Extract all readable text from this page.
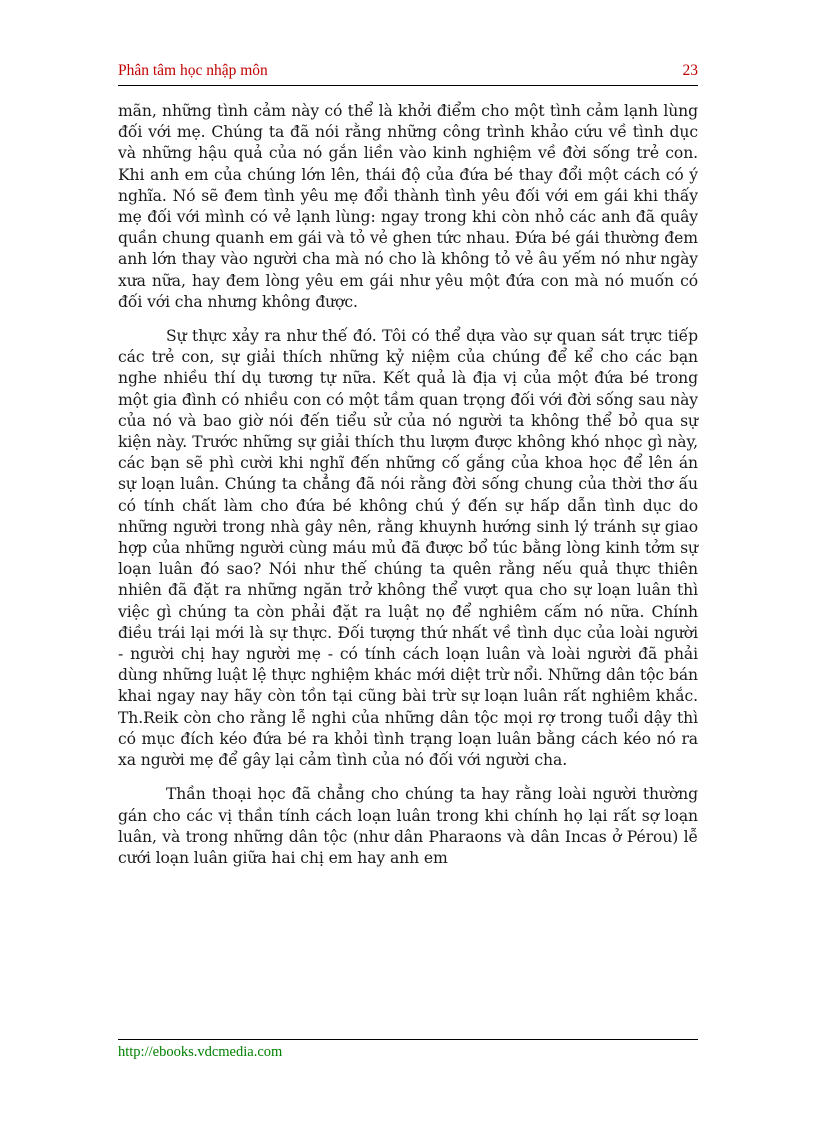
Phân tâm học nhập môn	23

mãn, những tình cảm này có thể là khởi điểm cho một tình cảm lạnh lùng đối với mẹ. Chúng ta đã nói rằng những công trình khảo cứu về tình dục và những hậu quả của nó gắn liền vào kinh nghiệm về đời sống trẻ con. Khi anh em của chúng lớn lên, thái độ của đứa bé thay đổi một cách có ý nghĩa. Nó sẽ đem tình yêu mẹ đổi thành tình yêu đối với em gái khi thấy mẹ đối với mình có vẻ lạnh lùng: ngay trong khi còn nhỏ các anh đã quây quần chung quanh em gái và tỏ vẻ ghen tức nhau. Đứa bé gái thường đem anh lớn thay vào người cha mà nó cho là không tỏ vẻ âu yếm nó như ngày xưa nữa, hay đem lòng yêu em gái như yêu một đứa con mà nó muốn có đối với cha nhưng không được.

Sự thực xảy ra như thế đó. Tôi có thể dựa vào sự quan sát trực tiếp các trẻ con, sự giải thích những kỷ niệm của chúng để kể cho các bạn nghe nhiều thí dụ tương tự nữa. Kết quả là địa vị của một đứa bé trong một gia đình có nhiều con có một tầm quan trọng đối với đời sống sau này của nó và bao giờ nói đến tiểu sử của nó người ta không thể bỏ qua sự kiện này. Trước những sự giải thích thu lượm được không khó nhọc gì này, các bạn sẽ phì cười khi nghĩ đến những cố gắng của khoa học để lên án sự loạn luân. Chúng ta chẳng đã nói rằng đời sống chung của thời thơ ấu có tính chất làm cho đứa bé không chú ý đến sự hấp dẫn tình dục do những người trong nhà gây nên, rằng khuynh hướng sinh lý tránh sự giao hợp của những người cùng máu mủ đã được bổ túc bằng lòng kinh tởm sự loạn luân đó sao? Nói như thế chúng ta quên rằng nếu quả thực thiên nhiên đã đặt ra những ngăn trở không thể vượt qua cho sự loạn luân thì việc gì chúng ta còn phải đặt ra luật nọ để nghiêm cấm nó nữa. Chính điều trái lại mới là sự thực. Đối tượng thứ nhất về tình dục của loài người - người chị hay người mẹ - có tính cách loạn luân và loài người đã phải dùng những luật lệ thực nghiệm khác mới diệt trừ nổi. Những dân tộc bán khai ngay nay hãy còn tồn tại cũng bài trừ sự loạn luân rất nghiêm khắc. Th.Reik còn cho rằng lễ nghi của những dân tộc mọi rợ trong tuổi dậy thì có mục đích kéo đứa bé ra khỏi tình trạng loạn luân bằng cách kéo nó ra xa người mẹ để gây lại cảm tình của nó đối với người cha.

Thần thoại học đã chẳng cho chúng ta hay rằng loài người thường gán cho các vị thần tính cách loạn luân trong khi chính họ lại rất sợ loạn luân, và trong những dân tộc (như dân Pharaons và dân Incas ở Pérou) lễ cưới loạn luân giữa hai chị em hay anh em

http://ebooks.vdcmedia.com
